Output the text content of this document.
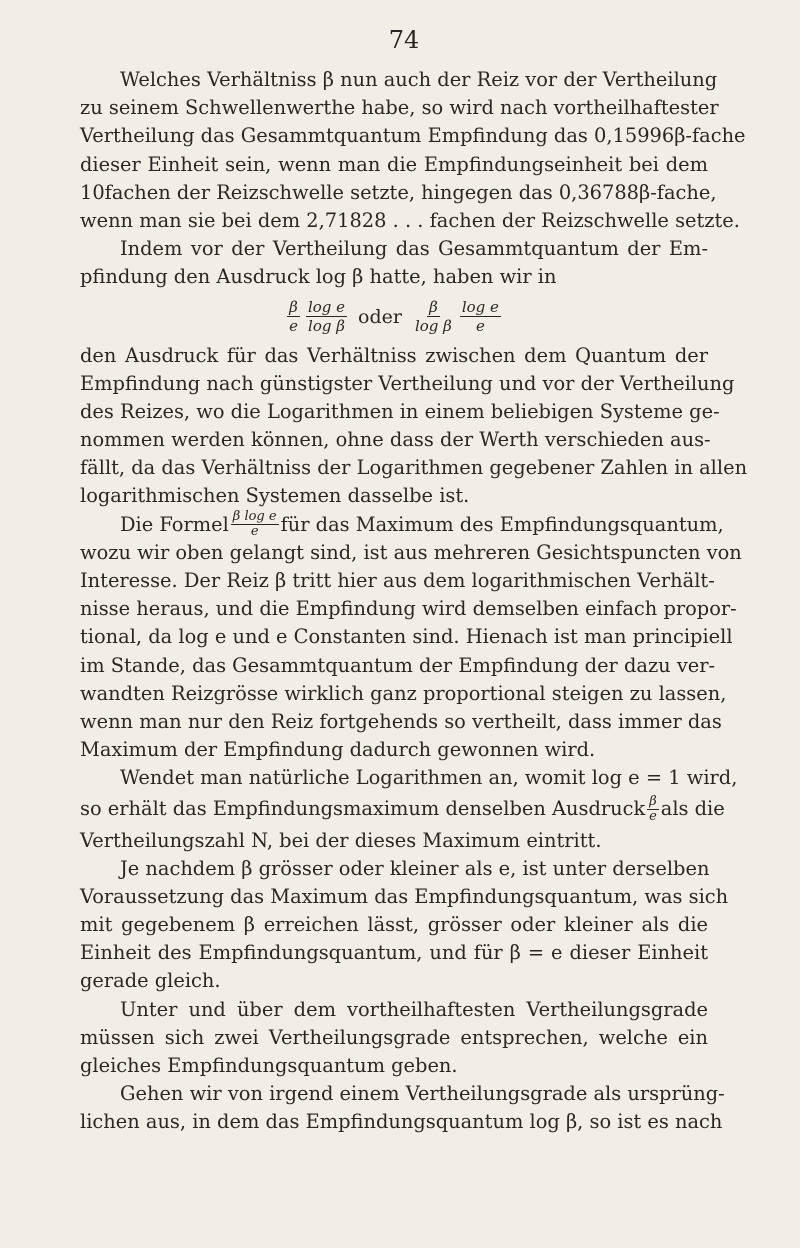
74
Welches Verhältniss β nun auch der Reiz vor der Vertheilung
zu seinem Schwellenwerthe habe, so wird nach vortheilhaftester
Vertheilung das Gesammtquantum Empfindung das 0,15996β-fache
dieser Einheit sein, wenn man die Empfindungseinheit bei dem
10fachen der Reizschwelle setzte, hingegen das 0,36788β-fache,
wenn man sie bei dem 2,71828 . . . fachen der Reizschwelle setzte.
Indem vor der Vertheilung das Gesammtquantum der Em-
pfindung den Ausdruck log β hatte, haben wir in
$\frac{\beta}{e} \frac{\text{log e}}{\text{log β}}$ oder $\frac{\beta}{\text{log β}} \frac{\text{log e}}{e}$
den Ausdruck für das Verhältniss zwischen dem Quantum der
Empfindung nach günstigster Vertheilung und vor der Vertheilung
des Reizes, wo die Logarithmen in einem beliebigen Systeme ge-
nommen werden können, ohne dass der Werth verschieden aus-
fällt, da das Verhältniss der Logarithmen gegebener Zahlen in allen
logarithmischen Systemen dasselbe ist.
Die Formel $\frac{\text{β log e}}{e}$ für das Maximum des Empfindungsquantum,
wozu wir oben gelangt sind, ist aus mehreren Gesichtspuncten von
Interesse. Der Reiz β tritt hier aus dem logarithmischen Verhält-
nisse heraus, und die Empfindung wird demselben einfach propor-
tional, da log e und e Constanten sind. Hienach ist man principiell
im Stande, das Gesammtquantum der Empfindung der dazu ver-
wandten Reizgrösse wirklich ganz proportional steigen zu lassen,
wenn man nur den Reiz fortgehends so vertheilt, dass immer das
Maximum der Empfindung dadurch gewonnen wird.
Wendet man natürliche Logarithmen an, womit log e = 1 wird,
so erhält das Empfindungsmaximum denselben Ausdruck $\frac{\beta}{e}$ als die
Vertheilungszahl N, bei der dieses Maximum eintritt.
Je nachdem β grösser oder kleiner als e, ist unter derselben
Voraussetzung das Maximum das Empfindungsquantum, was sich
mit gegebenem β erreichen lässt, grösser oder kleiner als die
Einheit des Empfindungsquantum, und für β = e dieser Einheit
gerade gleich.
Unter und über dem vortheilhaftesten Vertheilungsgrade
müssen sich zwei Vertheilungsgrade entsprechen, welche ein
gleiches Empfindungsquantum geben.
Gehen wir von irgend einem Vertheilungsgrade als ursprüng-
lichen aus, in dem das Empfindungsquantum log β, so ist es nach
